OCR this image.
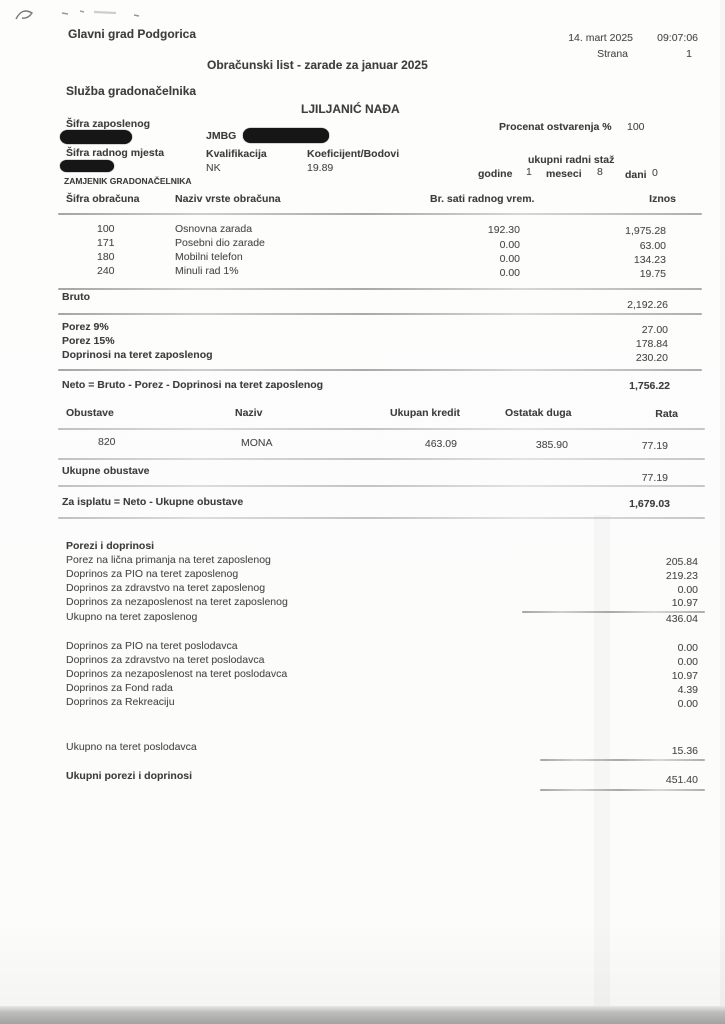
Glavni grad Podgorica	14. mart 2025 09:07:06
Strana	1
Obračunski list - zarade za januar 2025
Služba gradonačelnika
LJILJANIĆ NAĐA
Šifra zaposlenog
JMBG
Procenat ostvarenja % 100
Šifra radnog mjesta	Kvalifikacija
NK
Koeficijent/Bodovi
19.89
ukupni radni staž
godine 1 meseci 8 dani 0
ZAMJENIK GRADONAČELNIKA
Šifra obračuna	Naziv vrste obračuna	Br. sati radnog vrem.	Iznos
100	Osnovna zarada	192.30	1,975.28
171	Posebni dio zarade	0.00	63.00
180	Mobilni telefon	0.00	134.23
240	Minuli rad 1%	0.00	19.75
Bruto
2,192.26
Porez 9%	27.00
Porez 15%	178.84
Doprinosi na teret zaposlenog	230.20
Neto = Bruto - Porez - Doprinosi na teret zaposlenog	1,756.22
Obustave	Naziv	Ukupan kredit	Ostatak duga	Rata
820	MONA	463.09	385.90	77.19
Ukupne obustave
77.19
Za isplatu = Neto - Ukupne obustave	1,679.03
Porezi i doprinosi
Porez na lična primanja na teret zaposlenog	205.84
Doprinos za PIO na teret zaposlenog	219.23
Doprinos za zdravstvo na teret zaposlenog	0.00
Doprinos za nezaposlenost na teret zaposlenog	10.97
Ukupno na teret zaposlenog	436.04
Doprinos za PIO na teret poslodavca	0.00
Doprinos za zdravstvo na teret poslodavca	0.00
Doprinos za nezaposlenost na teret poslodavca	10.97
Doprinos za Fond rada	4.39
Doprinos za Rekreaciju	0.00
Ukupno na teret poslodavca	15.36
Ukupni porezi i doprinosi	451.40
